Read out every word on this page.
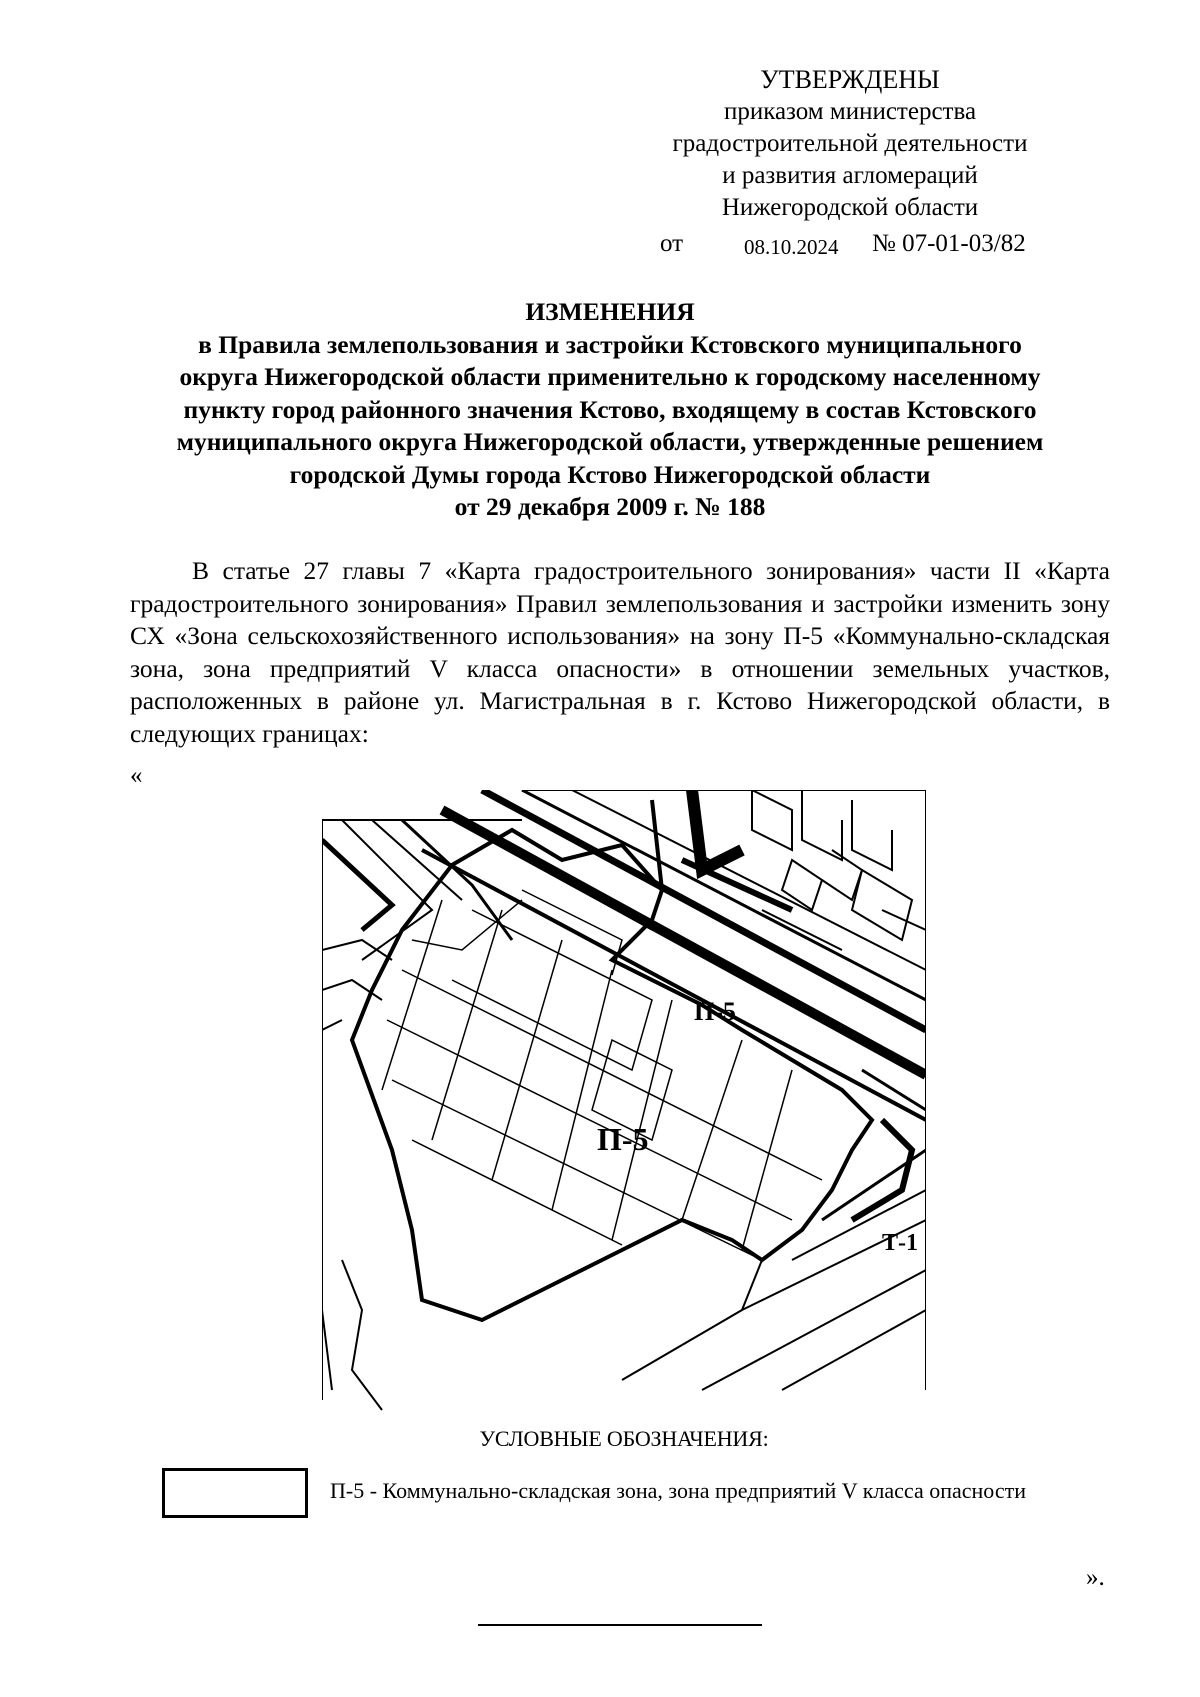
УТВЕРЖДЕНЫ
приказом министерства
градостроительной деятельности
и развития агломераций
Нижегородской области
от	08.10.2024 № 07-01-03/82
ИЗМЕНЕНИЯ
в Правила землепользования и застройки Кстовского муниципального
округа Нижегородской области применительно к городскому населенному
пункту город районного значения Кстово, входящему в состав Кстовского
муниципального округа Нижегородской области, утвержденные решением
городской Думы города Кстово Нижегородской области
от 29 декабря 2009 г. № 188

В статье 27 главы 7 «Карта градостроительного зонирования» части II «Карта градостроительного зонирования» Правил землепользования и застройки изменить зону СХ «Зона сельскохозяйственного использования» на зону П-5 «Коммунально-складская зона, зона предприятий V класса опасности» в отношении земельных участков, расположенных в районе ул. Магистральная в г. Кстово Нижегородской области, в следующих границах:

«
П-5
П-5
Т-1
УСЛОВНЫЕ ОБОЗНАЧЕНИЯ:
П-5 - Коммунально-складская зона, зона предприятий V класса опасности
».
